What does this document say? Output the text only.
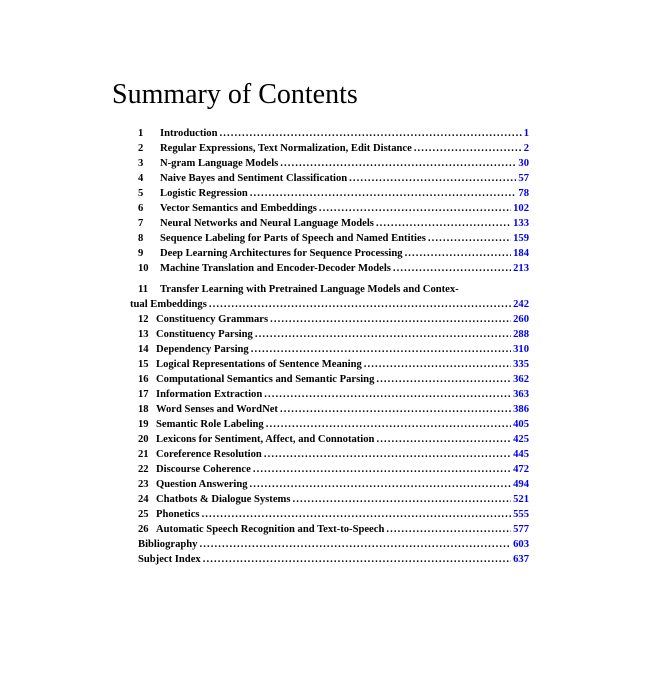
Summary of Contents
1	Introduction .....	1
2	Regular Expressions, Text Normalization, Edit Distance .....	2
3	N-gram Language Models .....	30
4	Naive Bayes and Sentiment Classification .....	57
5	Logistic Regression .....	78
6	Vector Semantics and Embeddings .....	102
7	Neural Networks and Neural Language Models .....	133
8	Sequence Labeling for Parts of Speech and Named Entities .....	159
9	Deep Learning Architectures for Sequence Processing .....	184
10	Machine Translation and Encoder-Decoder Models .....	213
11	Transfer Learning with Pretrained Language Models and Contex-
tual Embeddings .....	242
12 Constituency Grammars .....	260
13 Constituency Parsing .....	288
14 Dependency Parsing .....	310
15 Logical Representations of Sentence Meaning .....	335
16 Computational Semantics and Semantic Parsing .....	362
17 Information Extraction .....	363
18 Word Senses and WordNet .....	386
19 Semantic Role Labeling .....	405
20 Lexicons for Sentiment, Affect, and Connotation .....	425
21 Coreference Resolution .....	445
22 Discourse Coherence .....	472
23 Question Answering .....	494
24 Chatbots & Dialogue Systems .....	521
25 Phonetics .....	555
26 Automatic Speech Recognition and Text-to-Speech .....	577
Bibliography .....	603
Subject Index .....	637
